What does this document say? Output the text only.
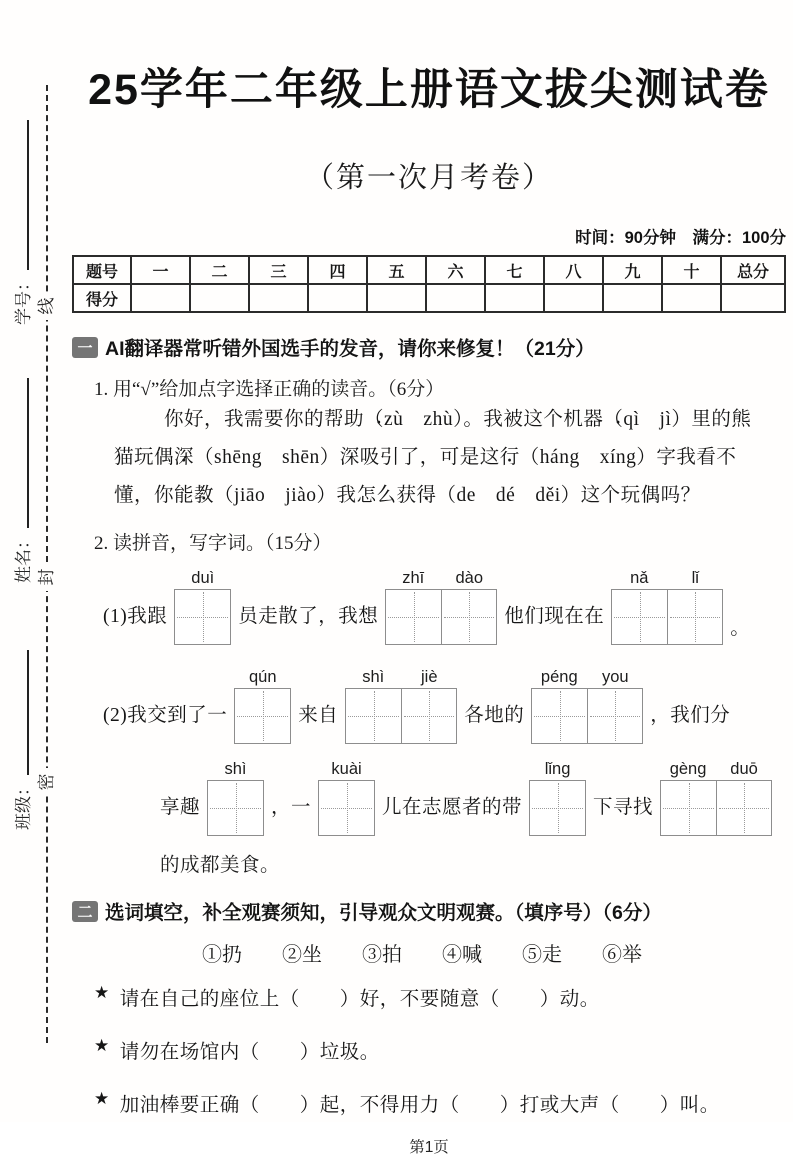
学号：
姓名：
班级：
线
封
密
25学年二年级上册语文拔尖测试卷
（第一次月考卷）
时间：90分钟　满分：100分
题号	一	二	三	四	五	六	七	八	九	十	总分
得分											
一 AI翻译器常听错外国选手的发音，请你来修复！（21分）
1. 用“√”给加点字选择正确的读音。（6分）
你好，我需要你的帮助 ·（zù　zhù）。我被这个机器 ·（qì　jì）里的熊
猫玩偶深 ·（shēng　shēn）深吸引了，可是这行 ·（háng　xíng）字我看不
懂，你能教 ·（jiāo　jiào）我怎么获得 ·（de　dé　děi）这个玩偶吗？
2. 读拼音，写字词。（15分）
(1)我跟
duì
员走散了，我想
zhī	dào
他们现在在
nǎ	lǐ
。
(2)我交到了一
qún
来自
shì	jiè
各地的
péng	you
，我们分
享趣
shì
，一
kuài
儿在志愿者的带
lǐng
下寻找
gèng	duō
的成都美食。
二 选词填空，补全观赛须知，引导观众文明观赛。（填序号）（6分）
①扔 ②坐 ③拍 ④喊 ⑤走 ⑥举
★ 请在自己的座位上（　　）好，不要随意（　　）动。
★ 请勿在场馆内（　　）垃圾。
★ 加油棒要正确（　　）起，不得用力（　　）打或大声（　　）叫。
第1页
